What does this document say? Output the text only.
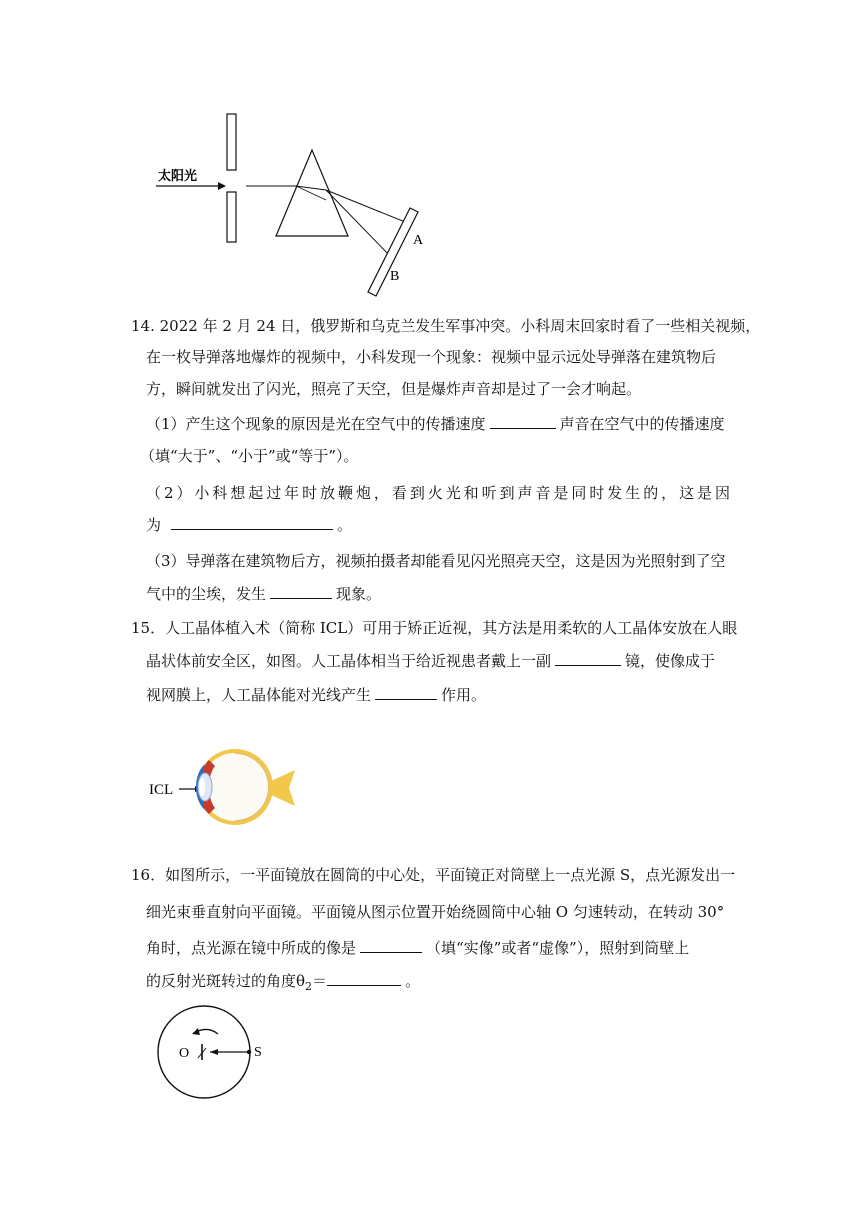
太阳光
A
B
14. 2022 年 2 月 24 日，俄罗斯和乌克兰发生军事冲突。小科周末回家时看了一些相关视频，
在一枚导弹落地爆炸的视频中，小科发现一个现象：视频中显示远处导弹落在建筑物后
方，瞬间就发出了闪光，照亮了天空，但是爆炸声音却是过了一会才响起。
（1）产生这个现象的原因是光在空气中的传播速度	声音在空气中的传播速度
（填“大于”、“小于”或“等于”）。
（2）小科想起过年时放鞭炮，看到火光和听到声音是同时发生的，这是因
为	。
（3）导弹落在建筑物后方，视频拍摄者却能看见闪光照亮天空，这是因为光照射到了空
气中的尘埃，发生	现象。
15．人工晶体植入术（简称 ICL）可用于矫正近视，其方法是用柔软的人工晶体安放在人眼
晶状体前安全区，如图。人工晶体相当于给近视患者戴上一副	镜，使像成于
视网膜上，人工晶体能对光线产生	作用。
ICL
16．如图所示，一平面镜放在圆筒的中心处，平面镜正对筒壁上一点光源 S，点光源发出一
细光束垂直射向平面镜。平面镜从图示位置开始绕圆筒中心轴 O 匀速转动，在转动 30°
角时，点光源在镜中所成的像是	（填“实像”或者“虚像”），照射到筒壁上
的反射光斑转过的角度$\theta_2=$	。
O	S
